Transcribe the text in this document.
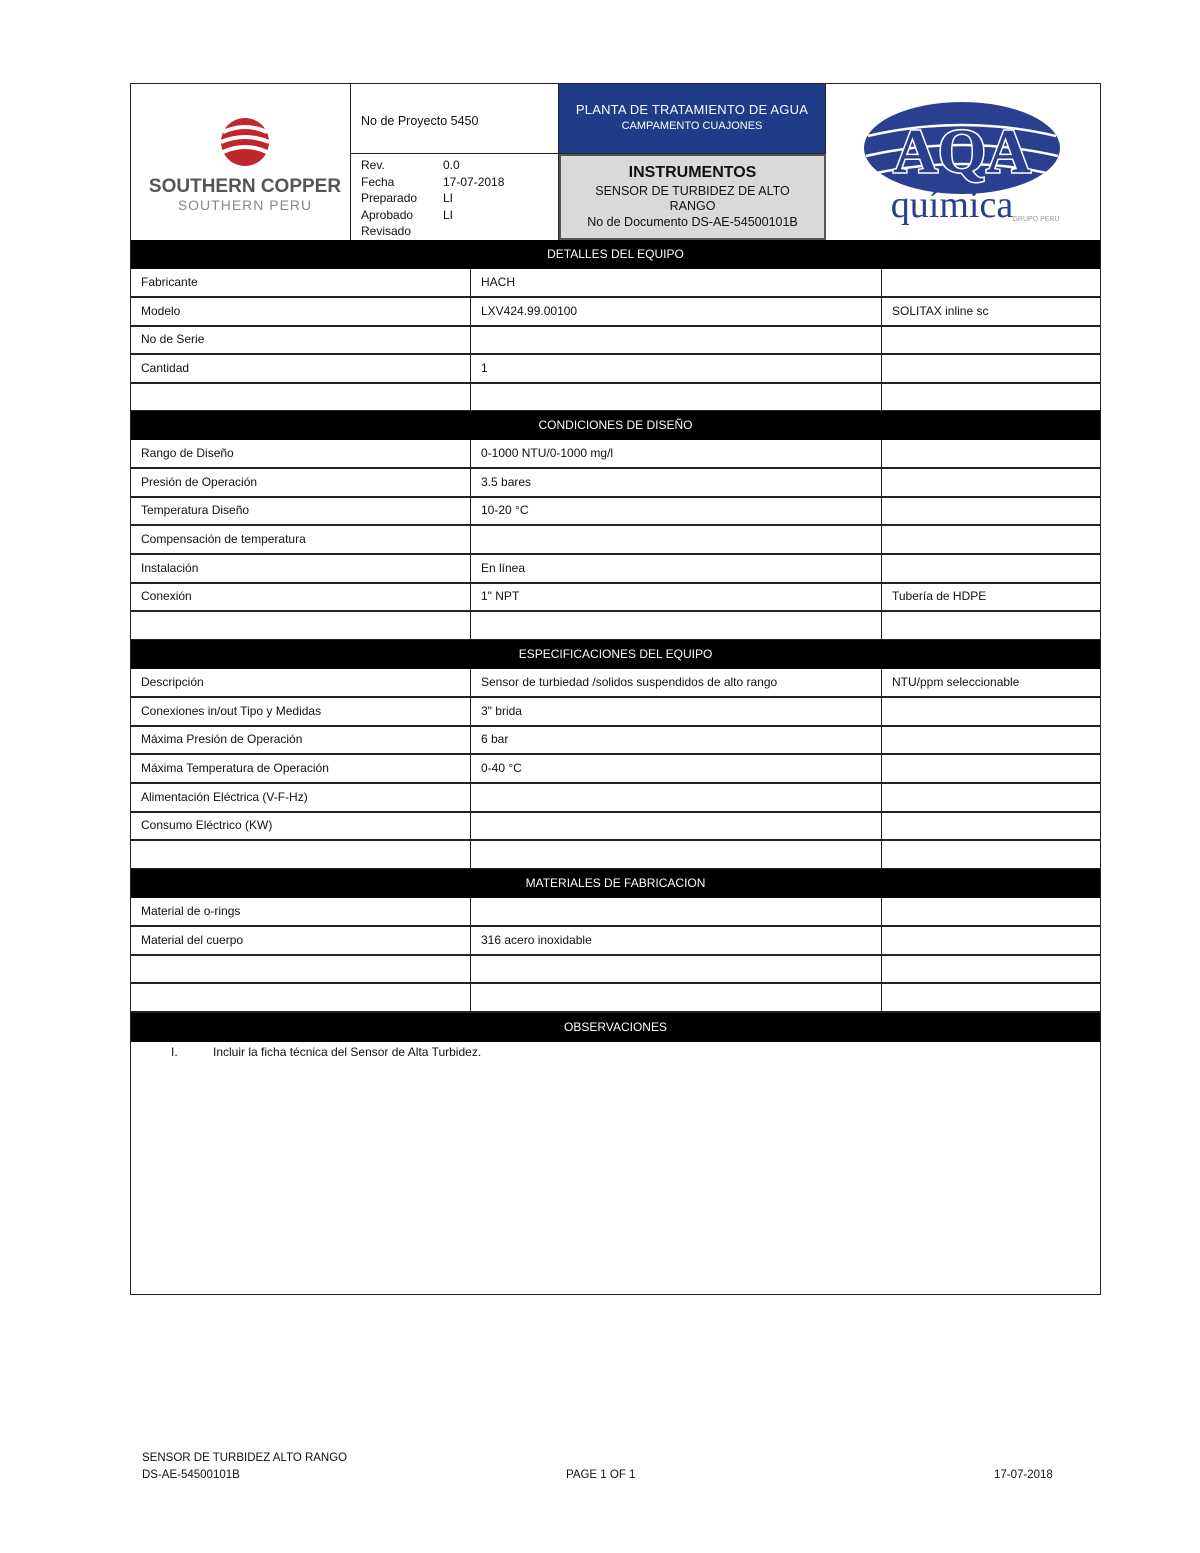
SOUTHERN COPPER
SOUTHERN PERU
No de Proyecto 5450
Rev.	0.0
Fecha	17-07-2018
Preparado	LI
Aprobado	LI
Revisado
PLANTA DE TRATAMIENTO DE AGUA
CAMPAMENTO CUAJONES
INSTRUMENTOS
SENSOR DE TURBIDEZ DE ALTO RANGO
No de Documento DS-AE-54500101B
AQA
química GRUPO PERU
DETALLES DEL EQUIPO
Fabricante	HACH
Modelo	LXV424.99.00100	SOLITAX inline sc
No de Serie
Cantidad	1
CONDICIONES DE DISEÑO
Rango de Diseño	0-1000 NTU/0-1000 mg/l
Presión de Operación	3.5 bares
Temperatura Diseño	10-20 °C
Compensación de temperatura
Instalación	En línea
Conexión	1" NPT	Tubería de HDPE
ESPECIFICACIONES DEL EQUIPO
Descripción	Sensor de turbiedad /solidos suspendidos de alto rango	NTU/ppm seleccionable
Conexiones in/out Tipo y Medidas	3" brida
Máxima Presión de Operación	6 bar
Máxima Temperatura de Operación	0-40 °C
Alimentación Eléctrica (V-F-Hz)
Consumo Eléctrico (KW)
MATERIALES DE FABRICACION
Material de o-rings
Material del cuerpo	316 acero inoxidable
OBSERVACIONES
I.	Incluir la ficha técnica del Sensor de Alta Turbidez.
SENSOR DE TURBIDEZ ALTO RANGO
DS-AE-54500101B	PAGE 1 OF 1	17-07-2018
